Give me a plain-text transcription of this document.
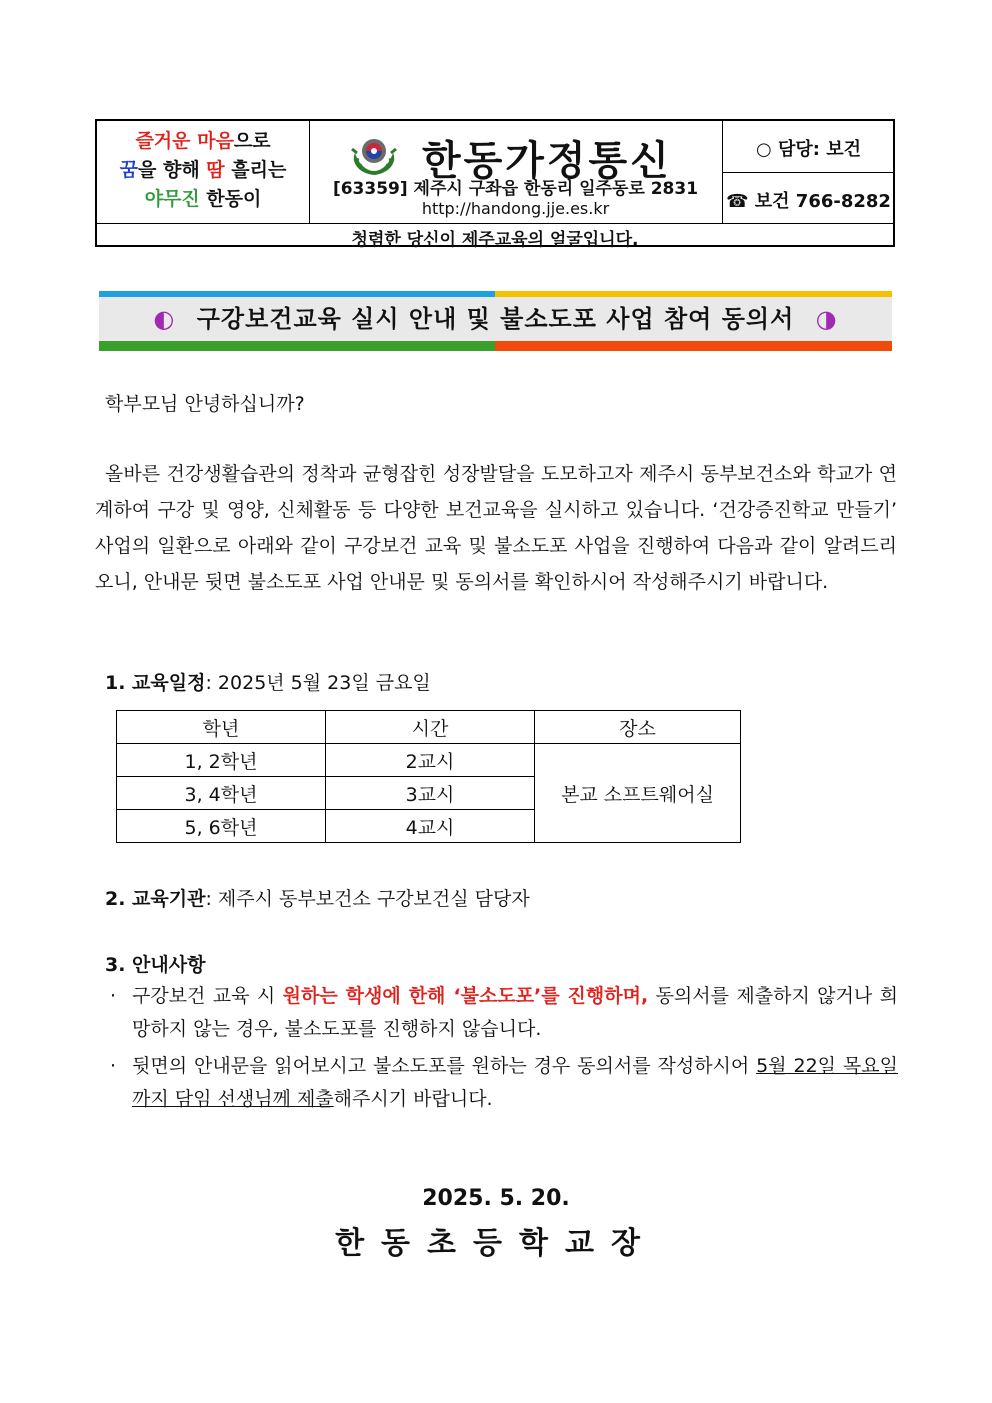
즐거운 마음으로
꿈을 향해 땀 흘리는
야무진 한동이
한동가정통신
[63359] 제주시 구좌읍 한동리 일주동로 2831
http://handong.jje.es.kr
○ 담당: 보건
☎ 보건 766-8282
청렴한 당신이 제주교육의 얼굴입니다.
◐ 구강보건교육 실시 안내 및 불소도포 사업 참여 동의서 ◑
학부모님 안녕하십니까?
올바른 건강생활습관의 정착과 균형잡힌 성장발달을 도모하고자 제주시 동부보건소와 학교가 연계하여 구강 및 영양, 신체활동 등 다양한 보건교육을 실시하고 있습니다. ‘건강증진학교 만들기’ 사업의 일환으로 아래와 같이 구강보건 교육 및 불소도포 사업을 진행하여 다음과 같이 알려드리오니, 안내문 뒷면 불소도포 사업 안내문 및 동의서를 확인하시어 작성해주시기 바랍니다.
1. 교육일정: 2025년 5월 23일 금요일
학년	시간	장소
1, 2학년	2교시	본교 소프트웨어실
3, 4학년	3교시	
5, 6학년	4교시	
2. 교육기관: 제주시 동부보건소 구강보건실 담당자
3. 안내사항
· 구강보건 교육 시 원하는 학생에 한해 ‘불소도포’를 진행하며, 동의서를 제출하지 않거나 희망하지 않는 경우, 불소도포를 진행하지 않습니다.
· 뒷면의 안내문을 읽어보시고 불소도포를 원하는 경우 동의서를 작성하시어 5월 22일 목요일까지 담임 선생님께 제출해주시기 바랍니다.
2025. 5. 20.
한동초등학교장
